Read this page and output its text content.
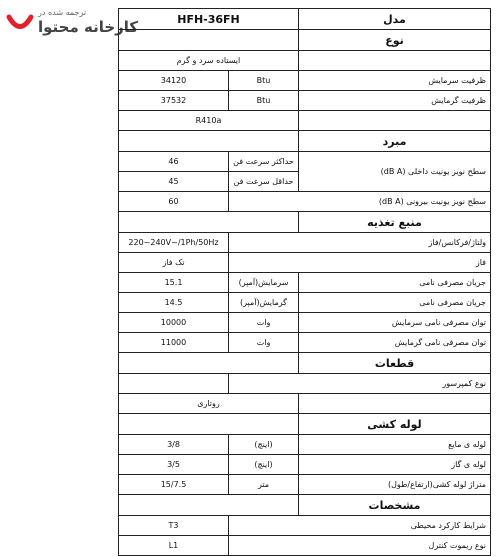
ترجمه شده در
کارخانه محتوا	HFH-36FH		مدل
		نوع
ایستاده سرد و گرم		
34120	Btu	ظرفیت سرمایش
37532	Btu	ظرفیت گرمایش
R410a		
		مبرد
46	حداکثر سرعت فن	سطح نویز یونیت داخلی (dB A)
45	حداقل سرعت فن	
60	سطح نویز یونیت بیرونی (dB A)	
		منبع تغذیه
220~240V~/1Ph/50Hz	ولتاژ/فرکانس/فاز	
تک فاز	فاز	
15.1	سرمایش(آمپر)	جریان مصرفی نامی
14.5	گرمایش(آمپر)	جریان مصرفی نامی
10000	وات	توان مصرفی نامی سرمایش
11000	وات	توان مصرفی نامی گرمایش
		قطعات
	نوع کمپرسور	
روتاری		
		لوله کشی
3/8	(اینچ)	لوله ی مایع
3/5	(اینچ)	لوله ی گاز
15/7.5	متر	متراژ لوله کشی(ارتفاع/طول)
		مشخصات
T3	شرایط کارکرد محیطی	
L1	نوع ریموت کنترل	
